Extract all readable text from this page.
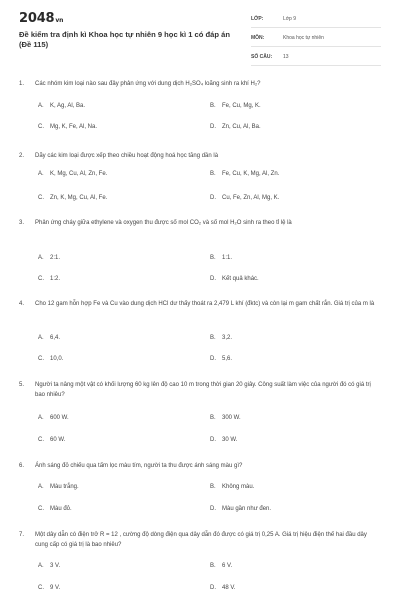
2048vn
Đề kiểm tra định kì Khoa học tự nhiên 9 học kì 1 có đáp án (Đề 115)
LỚP:	Lớp 9
MÔN:	Khoa học tự nhiên
SỐ CÂU: 13
1.	Các nhóm kim loại nào sau đây phản ứng với dung dịch H₂SO₄ loãng sinh ra khí H₂?
A. K, Ag, Al, Ba.	B. Fe, Cu, Mg, K.
C. Mg, K, Fe, Al, Na.	D. Zn, Cu, Al, Ba.
2.	Dãy các kim loại được xếp theo chiều hoạt động hoá học tăng dần là
A. K, Mg, Cu, Al, Zn, Fe.	B. Fe, Cu, K, Mg, Al, Zn.
C. Zn, K, Mg, Cu, Al, Fe.	D. Cu, Fe, Zn, Al, Mg, K.
3.	Phản ứng cháy giữa ethylene và oxygen thu được số mol CO₂ và số mol H₂O sinh ra theo tỉ lệ là
A. 2:1.	B. 1:1.
C. 1:2.	D. Kết quả khác.
4.	Cho 12 gam hỗn hợp Fe và Cu vào dung dịch HCl dư thấy thoát ra 2,479 L khí (đktc) và còn lại m gam chất rắn. Giá trị của m là
A. 6,4.	B. 3,2.
C. 10,0.	D. 5,6.
5.	Người ta nâng một vật có khối lượng 60 kg lên độ cao 10 m trong thời gian 20 giây. Công suất làm việc của người đó có giá trị bao nhiêu?
A. 600 W.	B. 300 W.
C. 60 W.	D. 30 W.
6.	Ánh sáng đỏ chiếu qua tấm lọc màu tím, người ta thu được ánh sáng màu gì?
A. Màu trắng.	B. Không màu.
C. Màu đỏ.	D. Màu gần như đen.
7.	Một dây dẫn có điện trở R = 12 , cường độ dòng điện qua dây dẫn đó được có giá trị 0,25 A. Giá trị hiệu điện thế hai đầu dây cung cấp có giá trị là bao nhiêu?
A. 3 V.	B. 6 V.
C. 9 V.	D. 48 V.
